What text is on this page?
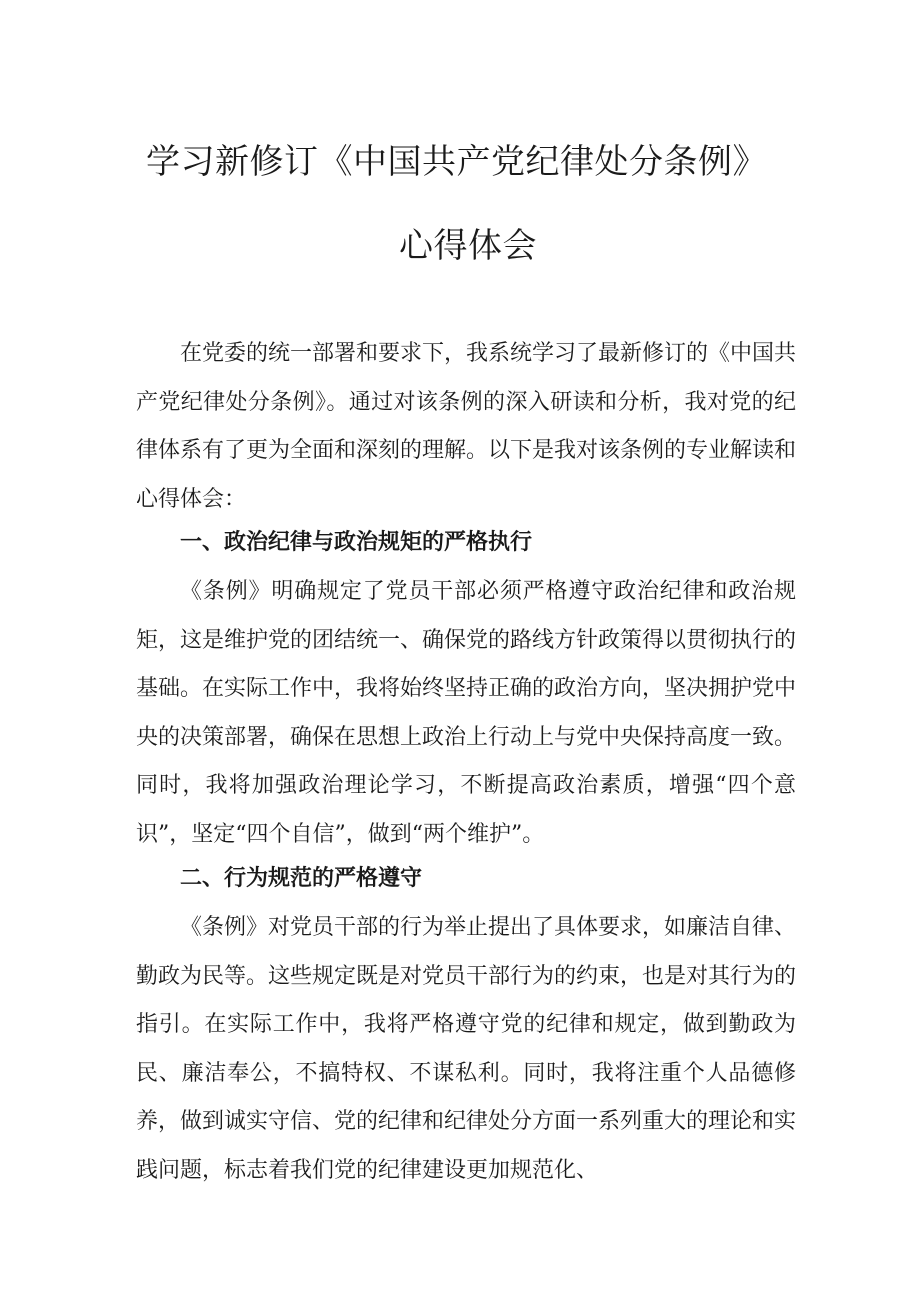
学习新修订《中国共产党纪律处分条例》
心得体会

在党委的统一部署和要求下，我系统学习了最新修订的《中国共产党纪律处分条例》。通过对该条例的深入研读和分析，我对党的纪律体系有了更为全面和深刻的理解。以下是我对该条例的专业解读和心得体会：

一、政治纪律与政治规矩的严格执行

《条例》明确规定了党员干部必须严格遵守政治纪律和政治规矩，这是维护党的团结统一、确保党的路线方针政策得以贯彻执行的基础。在实际工作中，我将始终坚持正确的政治方向，坚决拥护党中央的决策部署，确保在思想上政治上行动上与党中央保持高度一致。同时，我将加强政治理论学习，不断提高政治素质，增强“四个意识”，坚定“四个自信”，做到“两个维护”。

二、行为规范的严格遵守

《条例》对党员干部的行为举止提出了具体要求，如廉洁自律、勤政为民等。这些规定既是对党员干部行为的约束，也是对其行为的指引。在实际工作中，我将严格遵守党的纪律和规定，做到勤政为民、廉洁奉公，不搞特权、不谋私利。同时，我将注重个人品德修养，做到诚实守信、党的纪律和纪律处分方面一系列重大的理论和实践问题，标志着我们党的纪律建设更加规范化、
